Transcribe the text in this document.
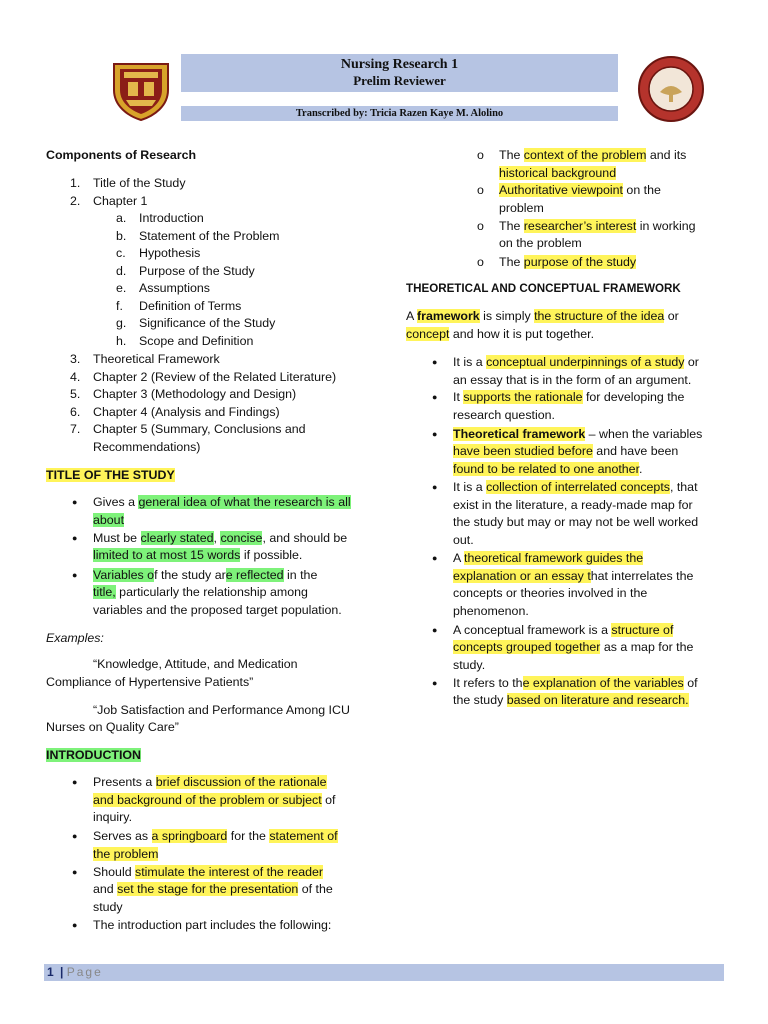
Nursing Research 1
Prelim Reviewer
Transcribed by: Tricia Razen Kaye M. Alolino
Components of Research
1. Title of the Study
2. Chapter 1
a. Introduction
b. Statement of the Problem
c. Hypothesis
d. Purpose of the Study
e. Assumptions
f. Definition of Terms
g. Significance of the Study
h. Scope and Definition
3. Theoretical Framework
4. Chapter 2 (Review of the Related Literature)
5. Chapter 3 (Methodology and Design)
6. Chapter 4 (Analysis and Findings)
7. Chapter 5 (Summary, Conclusions and
Recommendations)
TITLE OF THE STUDY
● Gives a general idea of what the research is all
about
● Must be clearly stated, concise, and should be
limited to at most 15 words if possible.
● Variables of the study are reflected in the
title, particularly the relationship among
variables and the proposed target population.
Examples:
“Knowledge, Attitude, and Medication
Compliance of Hypertensive Patients”
“Job Satisfaction and Performance Among ICU
Nurses on Quality Care”
INTRODUCTION
● Presents a brief discussion of the rationale
and background of the problem or subject of
inquiry.
● Serves as a springboard for the statement of
the problem
● Should stimulate the interest of the reader
and set the stage for the presentation of the
study
● The introduction part includes the following:
o The context of the problem and its
historical background
o Authoritative viewpoint on the
problem
o The researcher’s interest in working
on the problem
o The purpose of the study
THEORETICAL AND CONCEPTUAL FRAMEWORK
A framework is simply the structure of the idea or
concept and how it is put together.
● It is a conceptual underpinnings of a study or
an essay that is in the form of an argument.
● It supports the rationale for developing the
research question.
● Theoretical framework – when the variables
have been studied before and have been
found to be related to one another.
● It is a collection of interrelated concepts, that
exist in the literature, a ready-made map for
the study but may or may not be well worked
out.
● A theoretical framework guides the
explanation or an essay that interrelates the
concepts or theories involved in the
phenomenon.
● A conceptual framework is a structure of
concepts grouped together as a map for the
study.
● It refers to the explanation of the variables of
the study based on literature and research.
1 | Page
